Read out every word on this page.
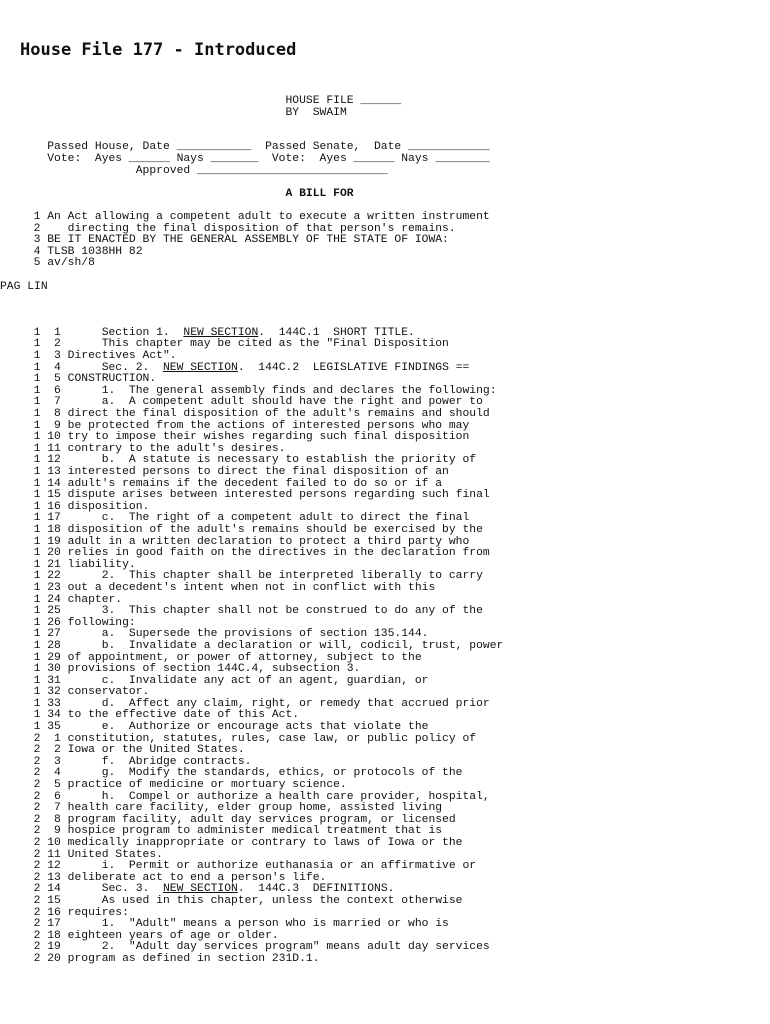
House File 177 - Introduced
HOUSE FILE ______
BY  SWAIM
Passed House, Date ___________  Passed Senate,  Date ____________
Vote:  Ayes ______ Nays _______  Vote:  Ayes ______ Nays ________
Approved ____________________________
A BILL FOR
1 An Act allowing a competent adult to execute a written instrument
2    directing the final disposition of that person's remains.
3 BE IT ENACTED BY THE GENERAL ASSEMBLY OF THE STATE OF IOWA:
4 TLSB 1038HH 82
5 av/sh/8
PAG LIN
1  1      Section 1.  NEW SECTION.  144C.1  SHORT TITLE.
1  2      This chapter may be cited as the "Final Disposition
1  3 Directives Act".
1  4      Sec. 2.  NEW SECTION.  144C.2  LEGISLATIVE FINDINGS ==
1  5 CONSTRUCTION.
1  6      1.  The general assembly finds and declares the following:
1  7      a.  A competent adult should have the right and power to
1  8 direct the final disposition of the adult's remains and should
1  9 be protected from the actions of interested persons who may
1 10 try to impose their wishes regarding such final disposition
1 11 contrary to the adult's desires.
1 12      b.  A statute is necessary to establish the priority of
1 13 interested persons to direct the final disposition of an
1 14 adult's remains if the decedent failed to do so or if a
1 15 dispute arises between interested persons regarding such final
1 16 disposition.
1 17      c.  The right of a competent adult to direct the final
1 18 disposition of the adult's remains should be exercised by the
1 19 adult in a written declaration to protect a third party who
1 20 relies in good faith on the directives in the declaration from
1 21 liability.
1 22      2.  This chapter shall be interpreted liberally to carry
1 23 out a decedent's intent when not in conflict with this
1 24 chapter.
1 25      3.  This chapter shall not be construed to do any of the
1 26 following:
1 27      a.  Supersede the provisions of section 135.144.
1 28      b.  Invalidate a declaration or will, codicil, trust, power
1 29 of appointment, or power of attorney, subject to the
1 30 provisions of section 144C.4, subsection 3.
1 31      c.  Invalidate any act of an agent, guardian, or
1 32 conservator.
1 33      d.  Affect any claim, right, or remedy that accrued prior
1 34 to the effective date of this Act.
1 35      e.  Authorize or encourage acts that violate the
2  1 constitution, statutes, rules, case law, or public policy of
2  2 Iowa or the United States.
2  3      f.  Abridge contracts.
2  4      g.  Modify the standards, ethics, or protocols of the
2  5 practice of medicine or mortuary science.
2  6      h.  Compel or authorize a health care provider, hospital,
2  7 health care facility, elder group home, assisted living
2  8 program facility, adult day services program, or licensed
2  9 hospice program to administer medical treatment that is
2 10 medically inappropriate or contrary to laws of Iowa or the
2 11 United States.
2 12      i.  Permit or authorize euthanasia or an affirmative or
2 13 deliberate act to end a person's life.
2 14      Sec. 3.  NEW SECTION.  144C.3  DEFINITIONS.
2 15      As used in this chapter, unless the context otherwise
2 16 requires:
2 17      1.  "Adult" means a person who is married or who is
2 18 eighteen years of age or older.
2 19      2.  "Adult day services program" means adult day services
2 20 program as defined in section 231D.1.
